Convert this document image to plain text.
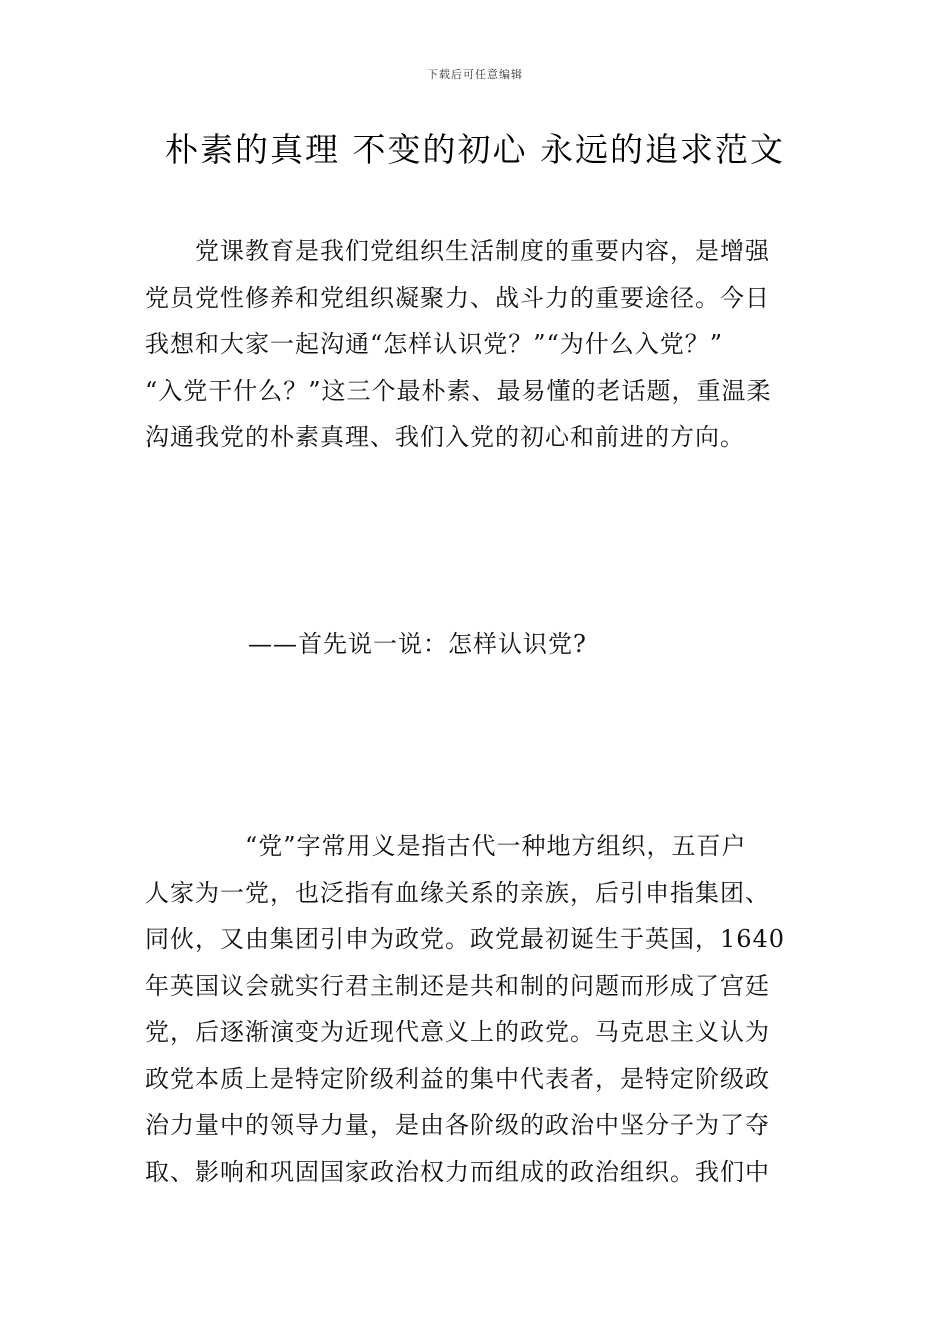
下载后可任意编辑
朴素的真理 不变的初心 永远的追求范文
　　党课教育是我们党组织生活制度的重要内容，是增强
党员党性修养和党组织凝聚力、战斗力的重要途径。今日
我想和大家一起沟通“怎样认识党？”“为什么入党？”
“入党干什么？”这三个最朴素、最易懂的老话题，重温柔
沟通我党的朴素真理、我们入党的初心和前进的方向。
——首先说一说：怎样认识党?
　　　　“党”字常用义是指古代一种地方组织，五百户
人家为一党，也泛指有血缘关系的亲族，后引申指集团、
同伙，又由集团引申为政党。政党最初诞生于英国，1640
年英国议会就实行君主制还是共和制的问题而形成了宫廷
党，后逐渐演变为近现代意义上的政党。马克思主义认为
政党本质上是特定阶级利益的集中代表者，是特定阶级政
治力量中的领导力量，是由各阶级的政治中坚分子为了夺
取、影响和巩固国家政治权力而组成的政治组织。我们中
